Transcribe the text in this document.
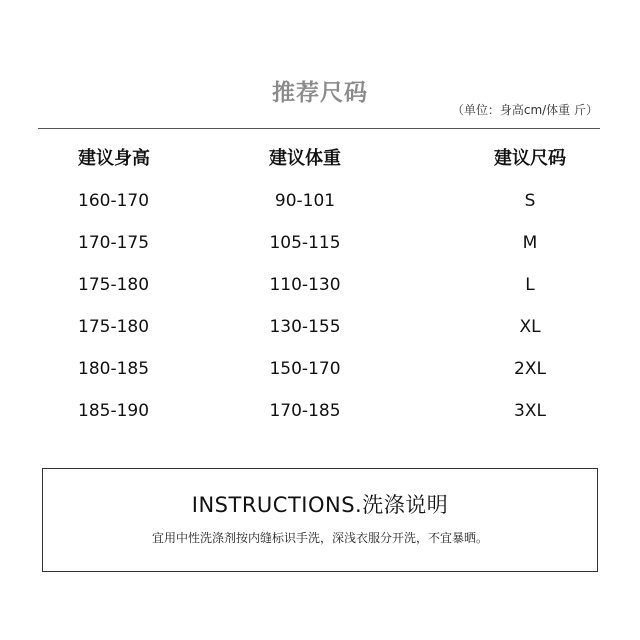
推荐尺码
（单位：身高cm/体重 斤）
建议身高	建议体重	建议尺码
160-170	90-101	S
170-175	105-115	M
175-180	110-130	L
175-180	130-155	XL
180-185	150-170	2XL
185-190	170-185	3XL
INSTRUCTIONS.洗涤说明
宜用中性洗涤剂按内缝标识手洗，深浅衣服分开洗，不宜暴晒。
